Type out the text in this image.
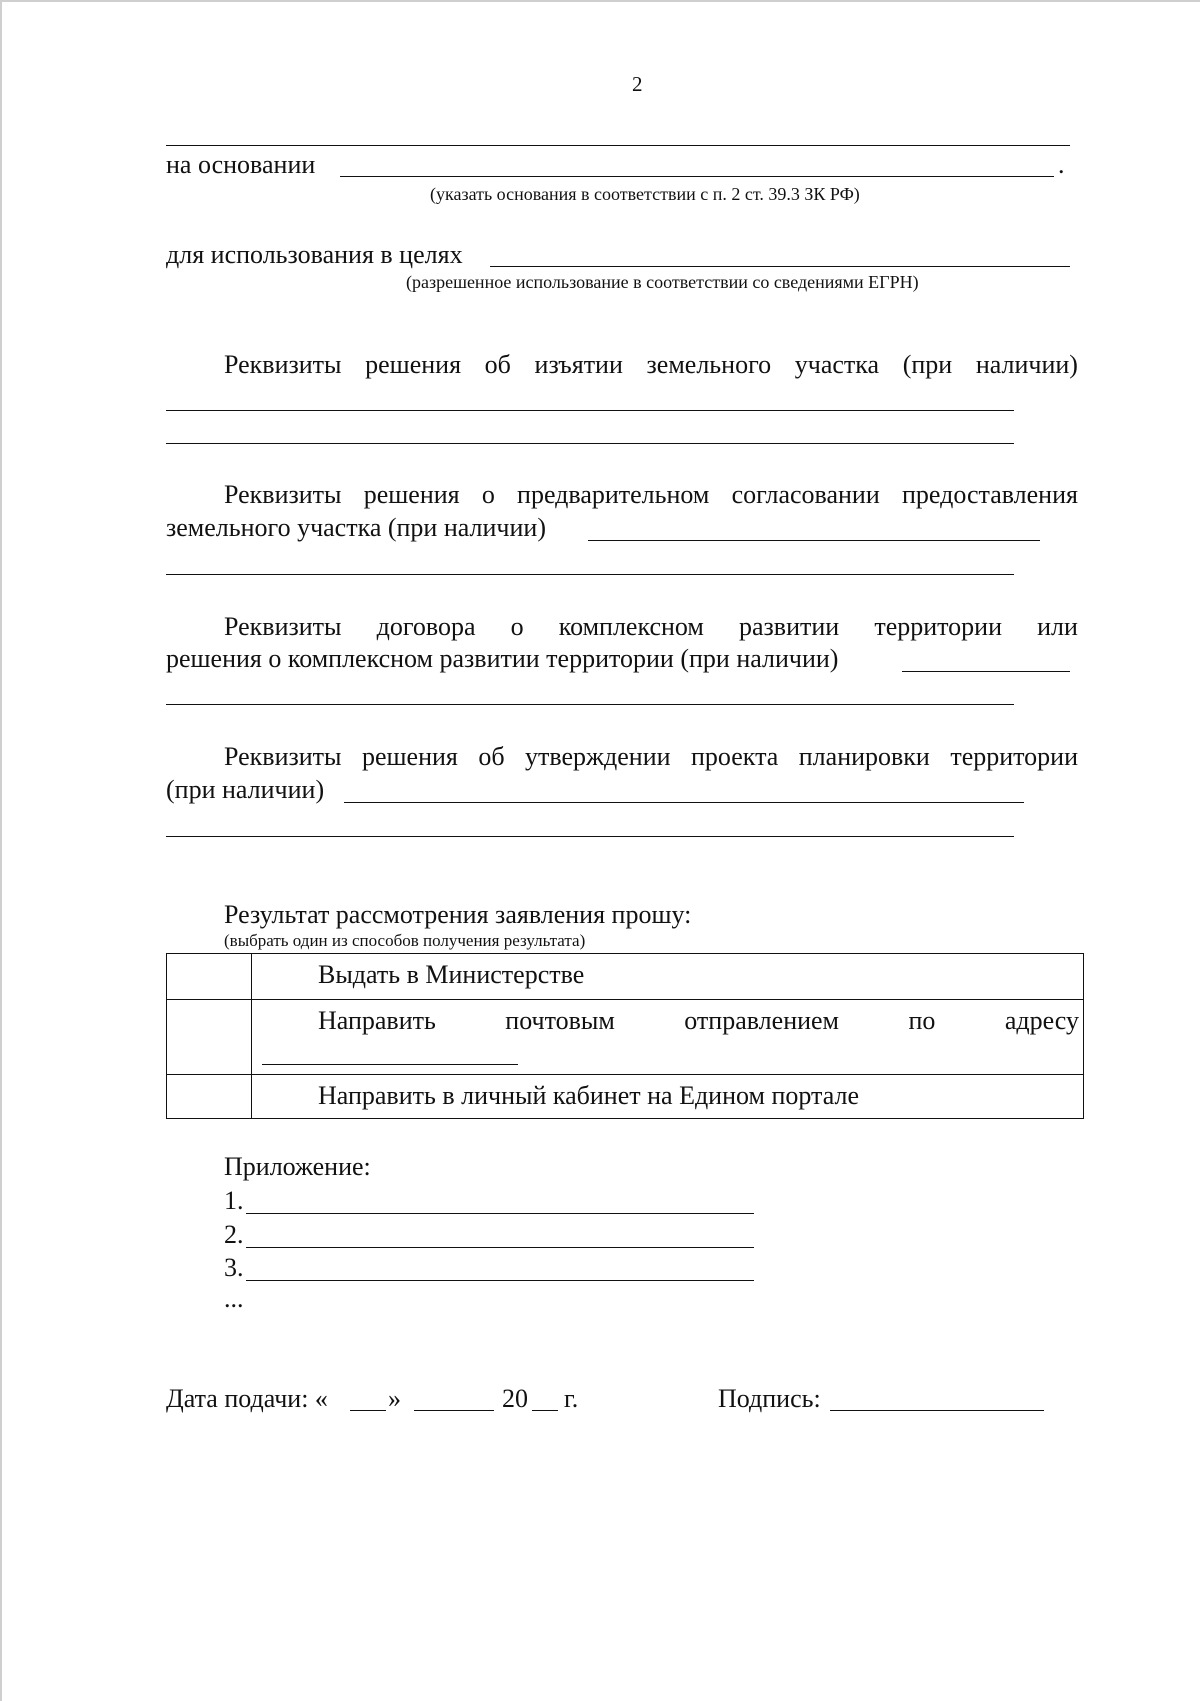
2
на основании	.
(указать основания в соответствии с п. 2 ст. 39.3 ЗК РФ)
для использования в целях
(разрешенное использование в соответствии со сведениями ЕГРН)
Реквизиты решения об изъятии земельного участка (при наличии)
Реквизиты решения о предварительном согласовании предоставления
земельного участка (при наличии)
Реквизиты договора о комплексном развитии территории или
решения о комплексном развитии территории (при наличии)
Реквизиты решения об утверждении проекта планировки территории
(при наличии)
Результат рассмотрения заявления прошу:
(выбрать один из способов получения результата)

	Выдать в Министерстве

	Направить почтовым отправлением по адресу

	Направить в личный кабинет на Едином портале
Приложение:
1.
2.
3.
...
Дата подачи: « »	20 г.	Подпись:
